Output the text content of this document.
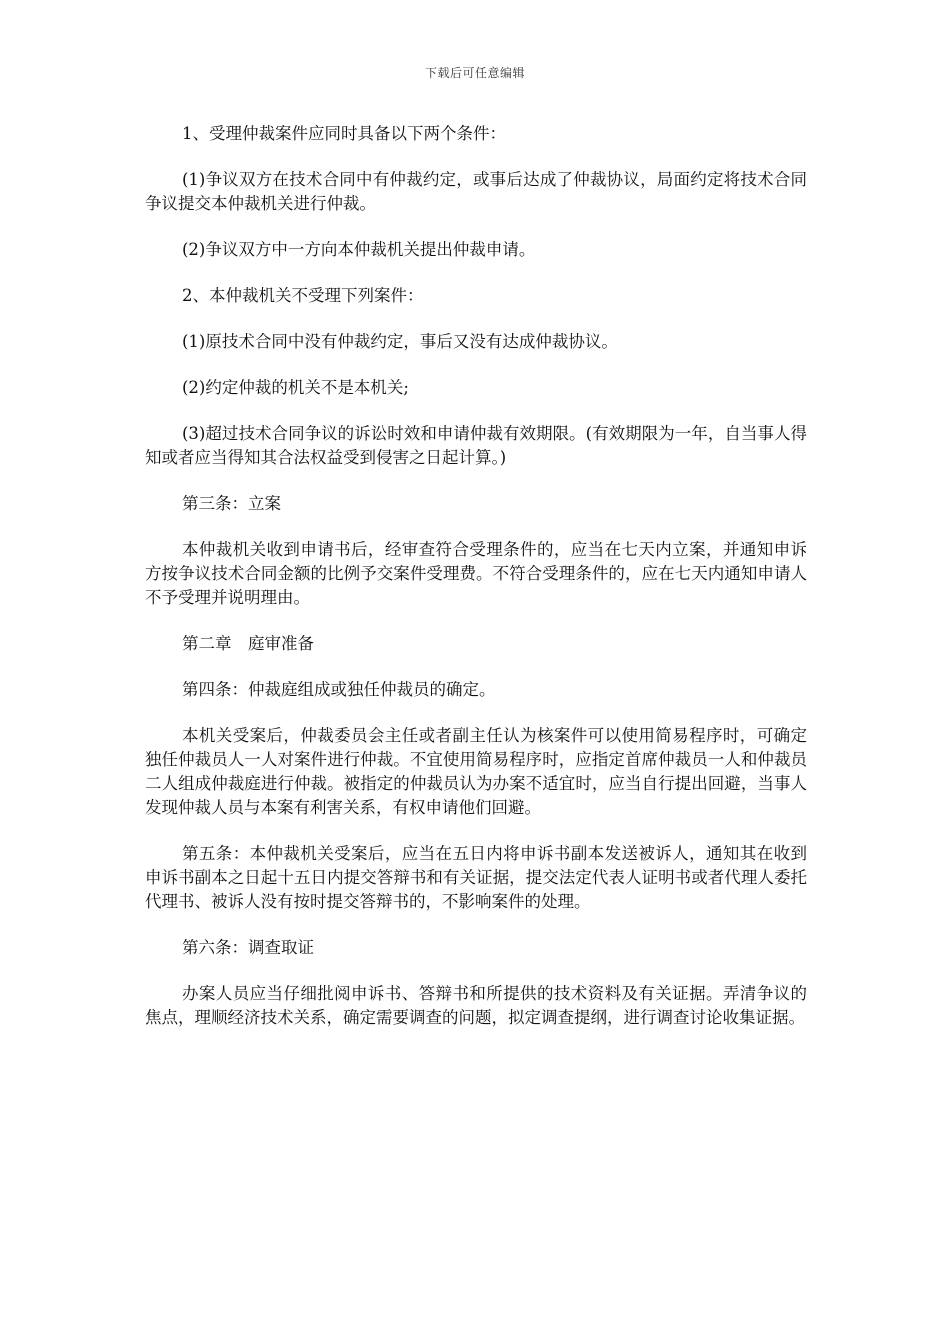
下载后可任意编辑

1、受理仲裁案件应同时具备以下两个条件：

(1)争议双方在技术合同中有仲裁约定，或事后达成了仲裁协议，局面约定将技术合同争议提交本仲裁机关进行仲裁。

(2)争议双方中一方向本仲裁机关提出仲裁申请。

2、本仲裁机关不受理下列案件：

(1)原技术合同中没有仲裁约定，事后又没有达成仲裁协议。

(2)约定仲裁的机关不是本机关;

(3)超过技术合同争议的诉讼时效和申请仲裁有效期限。(有效期限为一年，自当事人得知或者应当得知其合法权益受到侵害之日起计算。)

第三条：立案

本仲裁机关收到申请书后，经审查符合受理条件的，应当在七天内立案，并通知申诉方按争议技术合同金额的比例予交案件受理费。不符合受理条件的，应在七天内通知申请人不予受理并说明理由。

第二章　庭审准备

第四条：仲裁庭组成或独任仲裁员的确定。

本机关受案后，仲裁委员会主任或者副主任认为核案件可以使用简易程序时，可确定独任仲裁员人一人对案件进行仲裁。不宜使用简易程序时，应指定首席仲裁员一人和仲裁员二人组成仲裁庭进行仲裁。被指定的仲裁员认为办案不适宜时，应当自行提出回避，当事人发现仲裁人员与本案有利害关系，有权申请他们回避。

第五条：本仲裁机关受案后，应当在五日内将申诉书副本发送被诉人，通知其在收到申诉书副本之日起十五日内提交答辩书和有关证据，提交法定代表人证明书或者代理人委托代理书、被诉人没有按时提交答辩书的，不影响案件的处理。

第六条：调查取证

办案人员应当仔细批阅申诉书、答辩书和所提供的技术资料及有关证据。弄清争议的焦点，理顺经济技术关系，确定需要调查的问题，拟定调查提纲，进行调查讨论收集证据。
